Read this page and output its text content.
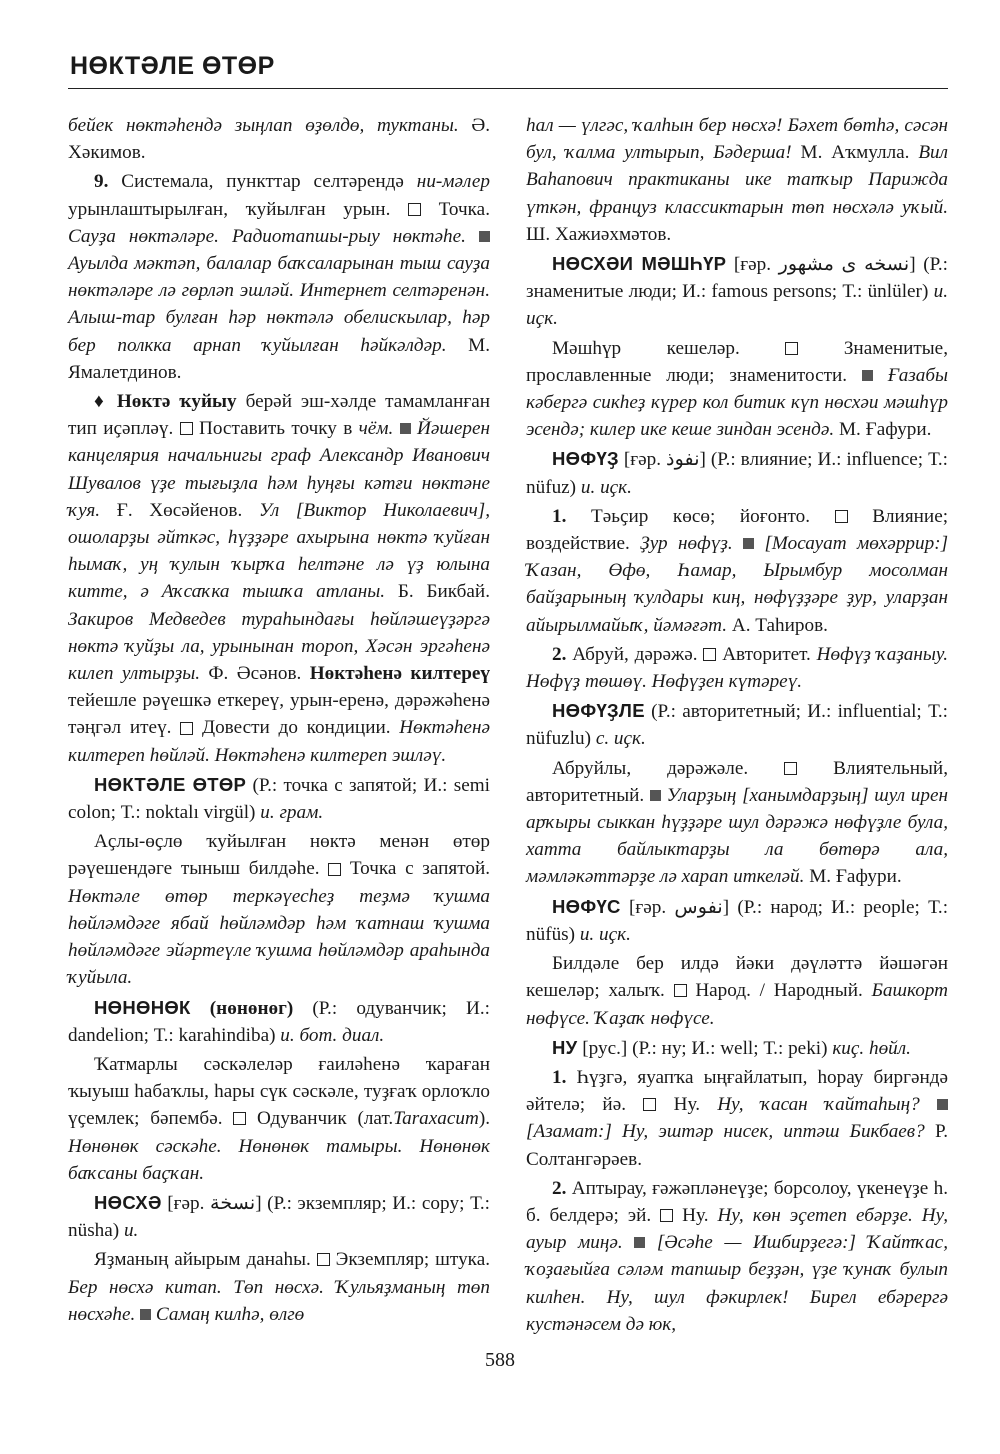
НӨКТӘЛЕ ӨТӨР

бейек нөктәһендә зыңлап өҙөлдө, туктаны. Ә. Хәкимов.

9. Системала, пункттар селтәрендә ни-мәлер урынлаштырылған, ҡуйылған урын.	Точка. Сауҙа нөктәләре. Радиотапшы-рыу нөктәһе.  Ауылда мәктәп, балалар баҡсаларынан тыш сауҙа нөктәләре лә гөрләп эшләй. Интернет селтәренән. Алыш-тар булған һәр нөктәлә обелискылар, һәр бер полкка арнап ҡуйылған һәйкәлдәр. М. Ямалетдинов.

♦ Нөктә ҡуйыу берәй эш-хәлде тамамланған тип иҫәпләү. Поставить точку в чём. Йәшерен канцелярия начальнигы граф Александр Иванович Шувалов үҙе тығыҙла һәм һуңғы кәтғи нөктәне ҡуя. Ғ. Хөсәйенов. Ул [Виктор Николаевич], ошоларҙы әйткәс, һүҙҙәре ахырына нөктә ҡуйған һымаҡ, уң ҡулын ҡырҡа һелтәне лә үҙ юлына китте, ә Аҡсаҡка тышҡа атланы. Б. Бикбай. Закиров Медведев тураһындағы һөйләшеүҙәргә нөктә ҡуйҙы ла, урынынан тороп, Хәсән эргәһенә килеп ултырҙы. Ф. Әсәнов. Нөктәһенә килтереү тейешле рәүешкә еткереү, урын-еренә, дәрәжәһенә тәңгәл итеү. Довести до кондиции. Нөктәһенә килтереп һөйләй. Нөктәһенә килтереп эшләү.

НӨКТӘЛЕ ӨТӨР (Р.: точка с запятой; И.: semi colon; Т.: noktalı virgül) и. грам.

Аҫлы-өҫлө ҡуйылған нөктә менән өтөр рәүешендәге тыныш билдәһе. Точка с запятой. Нөктәле өтөр теркәүесһеҙ теҙмә ҡушма һөйләмдәге ябай һөйләмдәр һәм ҡатнаш ҡушма һөйләмдәге эйәртеүле ҡушма һөйләмдәр араһында ҡуйыла.

НӨНӨНӨК (нөнөнөг) (Р.: одуванчик; И.: dandelion; Т.: karahindiba) и. бот. диал.

Ҡатмарлы сәскәлеләр ғаиләһенә ҡараған ҡыуыш һабаҡлы, һары сүк сәскәле, туҙғаҡ орлоҡло үҫемлек; бәпембә. Одуванчик (лат.Taraxacum). Нөнөнөк сәскәһе. Нөнөнөк тамыры. Нөнөнөк баҡсаны баҫҡан.

НӨСХӘ [ғәр. نسخة] (Р.: экземпляр; И.: copy; Т.: nüsha) и.

Яҙманың айырым данаһы. Экземпляр; штука. Бер нөсхә китап. Төп нөсхә. Ҡульяҙманың төп нөсхәһе. Самаң килһә, өлгө

һал — үлгәс, ҡалһын бер нөсхә! Бәхет бөтһә, сәсән бул, ҡалма ултырып, Бәдерша! М. Аҡмулла. Вил Ваһапович практиканы ике тапҡыр Парижда үткән, француз классиктарын төп нөсхәлә уҡый. Ш. Хажиәхмәтов.

НӨСХӘИ МӘШҺҮР [ғәр. نسخه ی مشهور] (Р.: знаменитые люди; И.: famous persons; Т.: ünlüler) и. иҫк.

Мәшһүр кешеләр.	Знаменитые, прославленные люди; знаменитости. Ғазабы кәбергә сикһеҙ күрер кол битик күп нөсхәи мәшһүр эсендә; килер ике кеше зиндан эсендә. М. Ғафури.

НӨФҮҘ [ғәр. نفوذ] (Р.: влияние; И.: influence; Т.: nüfuz) и. иҫк.

1. Тәьҫир көсө; йоғонто.	Влияние; воздействие. Ҙур нөфүҙ. [Мосауат мөхәррир:] Ҡазан, Өфө, Һамар, Ырымбур мосолман байҙарының ҡулдары киң, нөфүҙҙәре ҙур, уларҙан айырылмайыҡ, йәмәғәт. А. Таһиров.

2. Абруй, дәрәжә. Авторитет. Нөфүҙ ҡаҙаныу. Нөфүҙ төшөү. Нөфүҙен күтәреү.

НӨФҮҘЛЕ (Р.: авторитетный; И.: influential; Т.: nüfuzlu) с. иҫк.

Абруйлы, дәрәжәле.	Влиятельный, авторитетный. Уларҙың [ханымдарҙың] шул ирен арҡыры сыккан һүҙҙәре шул дәрәжә нөфүҙле була, хатта байлыктарҙы ла бөтөрә ала, мәмләкәттәрҙе лә харап иткеләй. М. Ғафури.

НӨФҮС [ғәр. نفوس] (Р.: народ; И.: people; Т.: nüfüs) и. иҫк.

Билдәле бер илдә йәки дәүләттә йәшәгән кешеләр; халыҡ. Народ. / Народный. Башкорт нөфүсе. Ҡаҙаҡ нөфүсе.

НУ [рус.] (Р.: ну; И.: well; Т.: peki) киҫ. һөйл.

1. Һүҙгә, яуапҡа ыңғайлатып, һорау биргәндә әйтелә; йә. Ну. Ну, ҡасан ҡайтаһың?  [Азамат:] Ну, эштәр нисек, иптәш Бикбаев? Р. Солтангәрәев.

2. Аптырау, ғәжәпләнеүҙе; борсолоу, үкенеүҙе һ. б. белдерә; эй. Ну. Ну, көн эҫетеп ебәрҙе. Ну, ауыр миңә. [Әсәһе — Ишбирҙегә:] Ҡайтҡас, ҡоҙағыйға сәләм тапшыр беҙҙән, үҙе ҡунаҡ булып килһен. Ну, шул фәкирлек! Бирел ебәрергә кустәнәсем дә юк,

588
